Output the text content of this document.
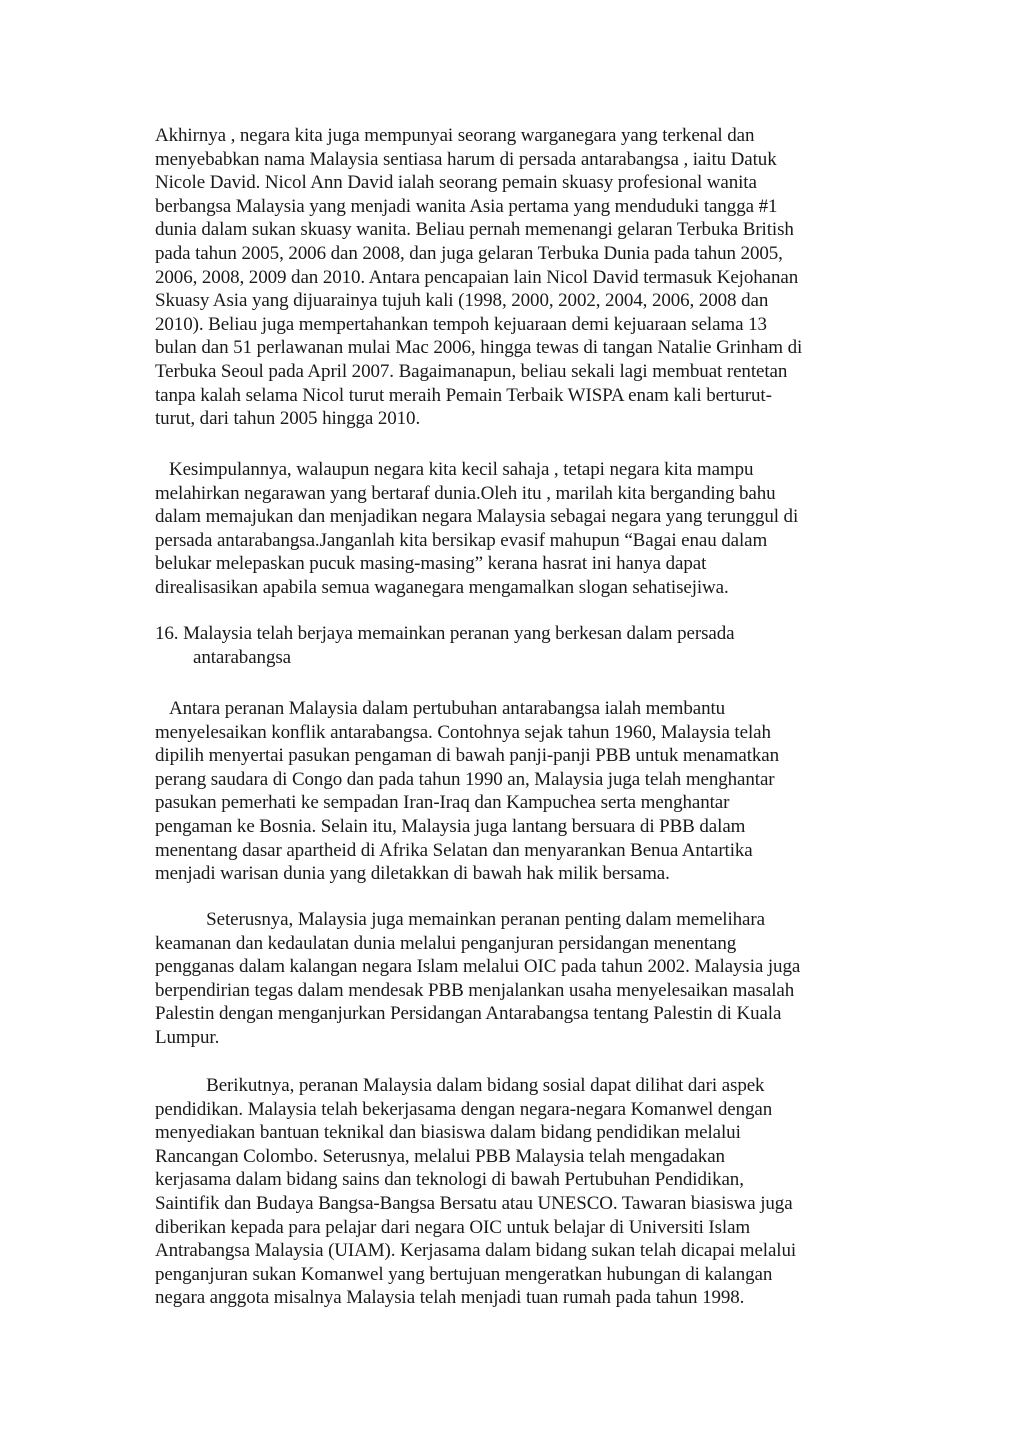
Akhirnya , negara kita juga mempunyai seorang warganegara yang terkenal dan
menyebabkan nama Malaysia sentiasa harum di persada antarabangsa , iaitu Datuk
Nicole David. Nicol Ann David ialah seorang pemain skuasy profesional wanita
berbangsa Malaysia yang menjadi wanita Asia pertama yang menduduki tangga #1
dunia dalam sukan skuasy wanita. Beliau pernah memenangi gelaran Terbuka British
pada tahun 2005, 2006 dan 2008, dan juga gelaran Terbuka Dunia pada tahun 2005,
2006, 2008, 2009 dan 2010. Antara pencapaian lain Nicol David termasuk Kejohanan
Skuasy Asia yang dijuarainya tujuh kali (1998, 2000, 2002, 2004, 2006, 2008 dan
2010). Beliau juga mempertahankan tempoh kejuaraan demi kejuaraan selama 13
bulan dan 51 perlawanan mulai Mac 2006, hingga tewas di tangan Natalie Grinham di
Terbuka Seoul pada April 2007. Bagaimanapun, beliau sekali lagi membuat rentetan
tanpa kalah selama Nicol turut meraih Pemain Terbaik WISPA enam kali berturut-
turut, dari tahun 2005 hingga 2010.

Kesimpulannya, walaupun negara kita kecil sahaja , tetapi negara kita mampu
melahirkan negarawan yang bertaraf dunia.Oleh itu , marilah kita berganding bahu
dalam memajukan dan menjadikan negara Malaysia sebagai negara yang terunggul di
persada antarabangsa.Janganlah kita bersikap evasif mahupun “Bagai enau dalam
belukar melepaskan pucuk masing-masing” kerana hasrat ini hanya dapat
direalisasikan apabila semua waganegara mengamalkan slogan sehatisejiwa.

16. Malaysia telah berjaya memainkan peranan yang berkesan dalam persada
antarabangsa

Antara peranan Malaysia dalam pertubuhan antarabangsa ialah membantu
menyelesaikan konflik antarabangsa. Contohnya sejak tahun 1960, Malaysia telah
dipilih menyertai pasukan pengaman di bawah panji-panji PBB untuk menamatkan
perang saudara di Congo dan pada tahun 1990 an, Malaysia juga telah menghantar
pasukan pemerhati ke sempadan Iran-Iraq dan Kampuchea serta menghantar
pengaman ke Bosnia. Selain itu, Malaysia juga lantang bersuara di PBB dalam
menentang dasar apartheid di Afrika Selatan dan menyarankan Benua Antartika
menjadi warisan dunia yang diletakkan di bawah hak milik bersama.

Seterusnya, Malaysia juga memainkan peranan penting dalam memelihara
keamanan dan kedaulatan dunia melalui penganjuran persidangan menentang
pengganas dalam kalangan negara Islam melalui OIC pada tahun 2002. Malaysia juga
berpendirian tegas dalam mendesak PBB menjalankan usaha menyelesaikan masalah
Palestin dengan menganjurkan Persidangan Antarabangsa tentang Palestin di Kuala
Lumpur.

Berikutnya, peranan Malaysia dalam bidang sosial dapat dilihat dari aspek
pendidikan. Malaysia telah bekerjasama dengan negara-negara Komanwel dengan
menyediakan bantuan teknikal dan biasiswa dalam bidang pendidikan melalui
Rancangan Colombo. Seterusnya, melalui PBB Malaysia telah mengadakan
kerjasama dalam bidang sains dan teknologi di bawah Pertubuhan Pendidikan,
Saintifik dan Budaya Bangsa-Bangsa Bersatu atau UNESCO. Tawaran biasiswa juga
diberikan kepada para pelajar dari negara OIC untuk belajar di Universiti Islam
Antrabangsa Malaysia (UIAM). Kerjasama dalam bidang sukan telah dicapai melalui
penganjuran sukan Komanwel yang bertujuan mengeratkan hubungan di kalangan
negara anggota misalnya Malaysia telah menjadi tuan rumah pada tahun 1998.
